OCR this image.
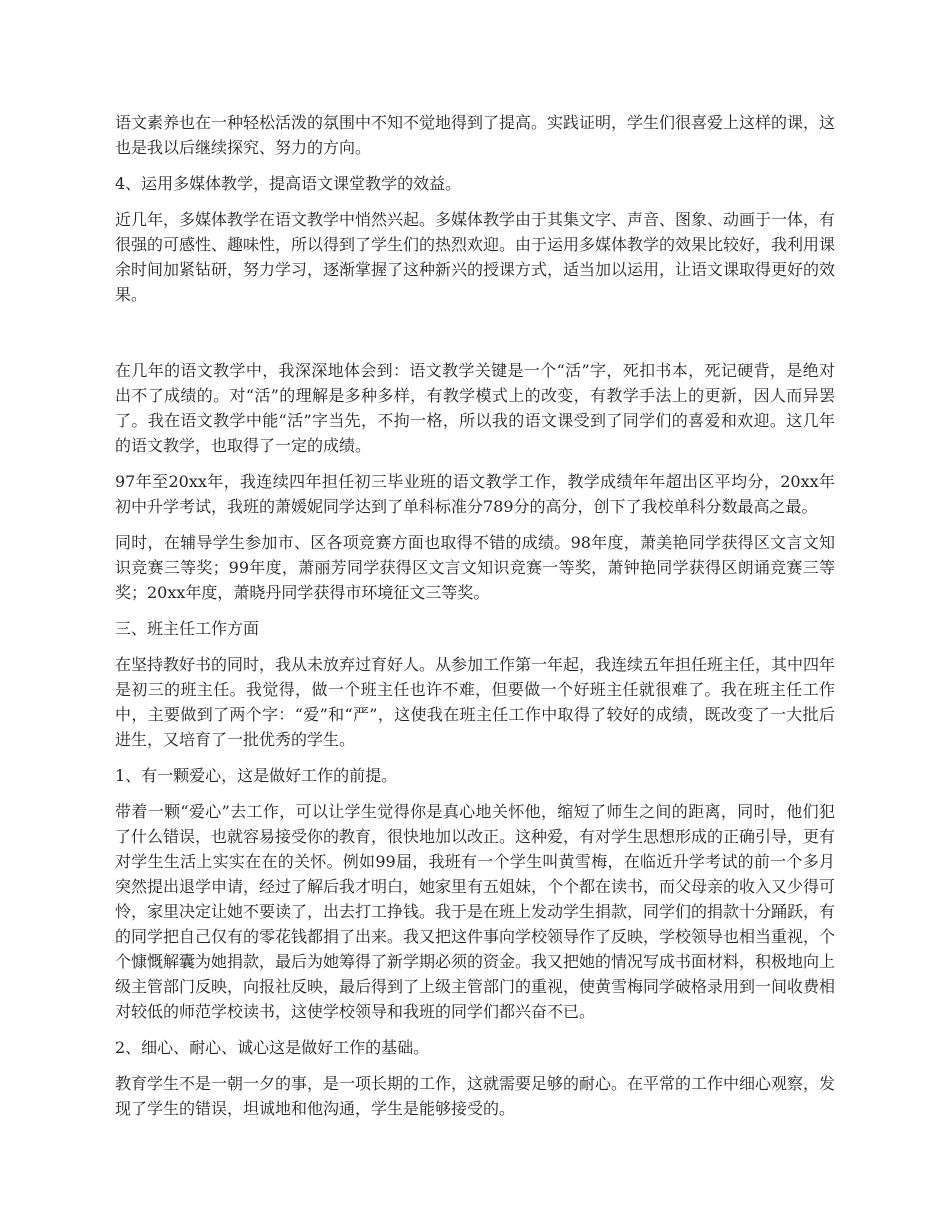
语文素养也在一种轻松活泼的氛围中不知不觉地得到了提高。实践证明，学生们很喜爱上这样的课，这也是我以后继续探究、努力的方向。

4、运用多媒体教学，提高语文课堂教学的效益。

近几年，多媒体教学在语文教学中悄然兴起。多媒体教学由于其集文字、声音、图象、动画于一体，有很强的可感性、趣味性，所以得到了学生们的热烈欢迎。由于运用多媒体教学的效果比较好，我利用课余时间加紧钻研，努力学习，逐渐掌握了这种新兴的授课方式，适当加以运用，让语文课取得更好的效果。

在几年的语文教学中，我深深地体会到：语文教学关键是一个“活”字，死扣书本，死记硬背，是绝对出不了成绩的。对“活”的理解是多种多样，有教学模式上的改变，有教学手法上的更新，因人而异罢了。我在语文教学中能“活”字当先，不拘一格，所以我的语文课受到了同学们的喜爱和欢迎。这几年的语文教学，也取得了一定的成绩。

97年至20xx年，我连续四年担任初三毕业班的语文教学工作，教学成绩年年超出区平均分，20xx年初中升学考试，我班的萧媛妮同学达到了单科标准分789分的高分，创下了我校单科分数最高之最。

同时，在辅导学生参加市、区各项竞赛方面也取得不错的成绩。98年度，萧美艳同学获得区文言文知识竞赛三等奖；99年度，萧丽芳同学获得区文言文知识竞赛一等奖，萧钟艳同学获得区朗诵竞赛三等奖；20xx年度，萧晓丹同学获得市环境征文三等奖。

三、班主任工作方面

在坚持教好书的同时，我从未放弃过育好人。从参加工作第一年起，我连续五年担任班主任，其中四年是初三的班主任。我觉得，做一个班主任也许不难，但要做一个好班主任就很难了。我在班主任工作中，主要做到了两个字：“爱”和“严”，这使我在班主任工作中取得了较好的成绩，既改变了一大批后进生，又培育了一批优秀的学生。

1、有一颗爱心，这是做好工作的前提。

带着一颗“爱心”去工作，可以让学生觉得你是真心地关怀他，缩短了师生之间的距离，同时，他们犯了什么错误，也就容易接受你的教育，很快地加以改正。这种爱，有对学生思想形成的正确引导，更有对学生生活上实实在在的关怀。例如99届，我班有一个学生叫黄雪梅，在临近升学考试的前一个多月突然提出退学申请，经过了解后我才明白，她家里有五姐妹，个个都在读书，而父母亲的收入又少得可怜，家里决定让她不要读了，出去打工挣钱。我于是在班上发动学生捐款，同学们的捐款十分踊跃，有的同学把自己仅有的零花钱都捐了出来。我又把这件事向学校领导作了反映，学校领导也相当重视，个个慷慨解囊为她捐款，最后为她筹得了新学期必须的资金。我又把她的情况写成书面材料，积极地向上级主管部门反映，向报社反映，最后得到了上级主管部门的重视，使黄雪梅同学破格录用到一间收费相对较低的师范学校读书，这使学校领导和我班的同学们都兴奋不已。

2、细心、耐心、诚心这是做好工作的基础。

教育学生不是一朝一夕的事，是一项长期的工作，这就需要足够的耐心。在平常的工作中细心观察，发现了学生的错误，坦诚地和他沟通，学生是能够接受的。
